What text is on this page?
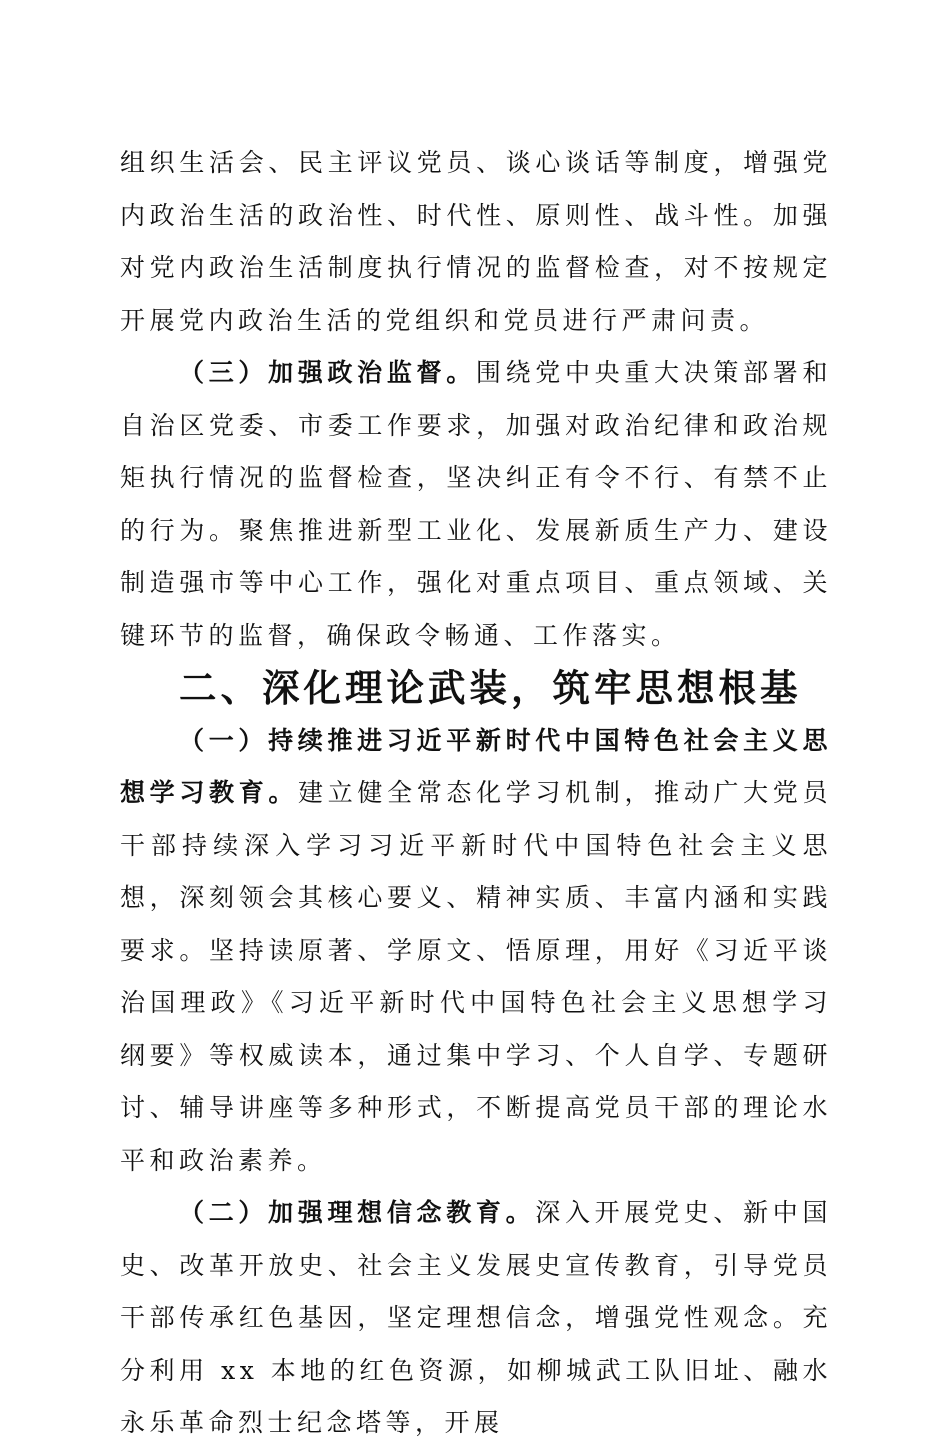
组织生活会、民主评议党员、谈心谈话等制度，增强党内政治生活的政治性、时代性、原则性、战斗性。加强对党内政治生活制度执行情况的监督检查，对不按规定开展党内政治生活的党组织和党员进行严肃问责。

（三）加强政治监督。围绕党中央重大决策部署和自治区党委、市委工作要求，加强对政治纪律和政治规矩执行情况的监督检查，坚决纠正有令不行、有禁不止的行为。聚焦推进新型工业化、发展新质生产力、建设制造强市等中心工作，强化对重点项目、重点领域、关键环节的监督，确保政令畅通、工作落实。

二、深化理论武装，筑牢思想根基

（一）持续推进习近平新时代中国特色社会主义思想学习教育。建立健全常态化学习机制，推动广大党员干部持续深入学习习近平新时代中国特色社会主义思想，深刻领会其核心要义、精神实质、丰富内涵和实践要求。坚持读原著、学原文、悟原理，用好《习近平谈治国理政》《习近平新时代中国特色社会主义思想学习纲要》等权威读本，通过集中学习、个人自学、专题研讨、辅导讲座等多种形式，不断提高党员干部的理论水平和政治素养。

（二）加强理想信念教育。深入开展党史、新中国史、改革开放史、社会主义发展史宣传教育，引导党员干部传承红色基因，坚定理想信念，增强党性观念。充分利用 xx 本地的红色资源，如柳城武工队旧址、融水永乐革命烈士纪念塔等，开展
